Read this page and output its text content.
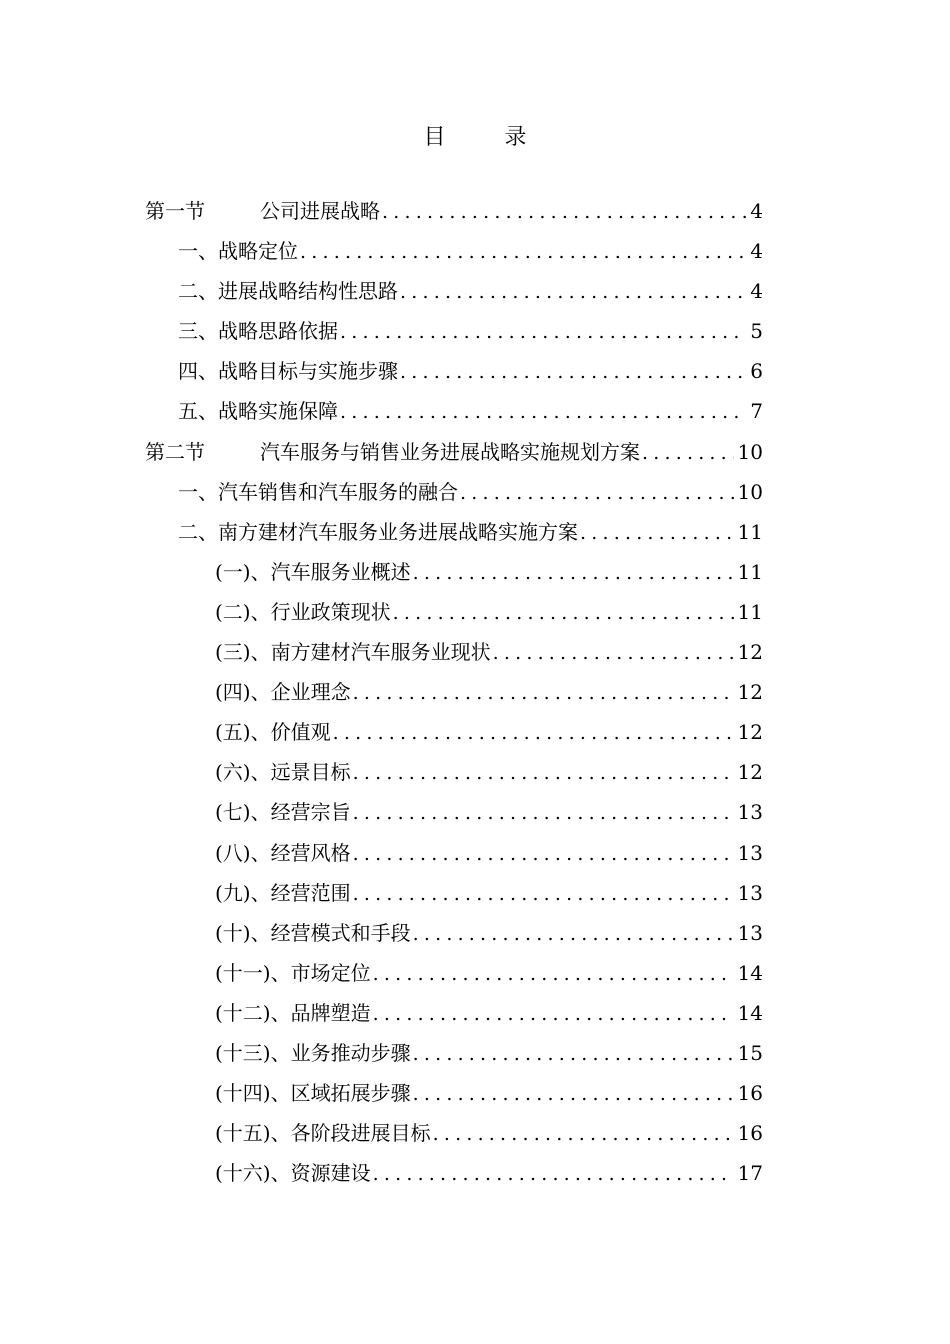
目 录
第一节	公司进展战略 .....	4
一、 战略定位 .....	4
二、 进展战略结构性思路 .....	4
三、 战略思路依据 .....	5
四、 战略目标与实施步骤 .....	6
五、 战略实施保障 .....	7
第二节	汽车服务与销售业务进展战略实施规划方案 .....	10
一、 汽车销售和汽车服务的融合 .....	10
二、 南方建材汽车服务业务进展战略实施方案 .....	11
(一)、 汽车服务业概述 .....	11
(二)、 行业政策现状 .....	11
(三)、 南方建材汽车服务业现状 .....	12
(四)、 企业理念 .....	12
(五)、 价值观 .....	12
(六)、 远景目标 .....	12
(七)、 经营宗旨 .....	13
(八)、 经营风格 .....	13
(九)、 经营范围 .....	13
(十)、 经营模式和手段 .....	13
(十一)、 市场定位 .....	14
(十二)、 品牌塑造 .....	14
(十三)、 业务推动步骤 .....	15
(十四)、 区域拓展步骤 .....	16
(十五)、 各阶段进展目标 .....	16
(十六)、 资源建设 .....	17
